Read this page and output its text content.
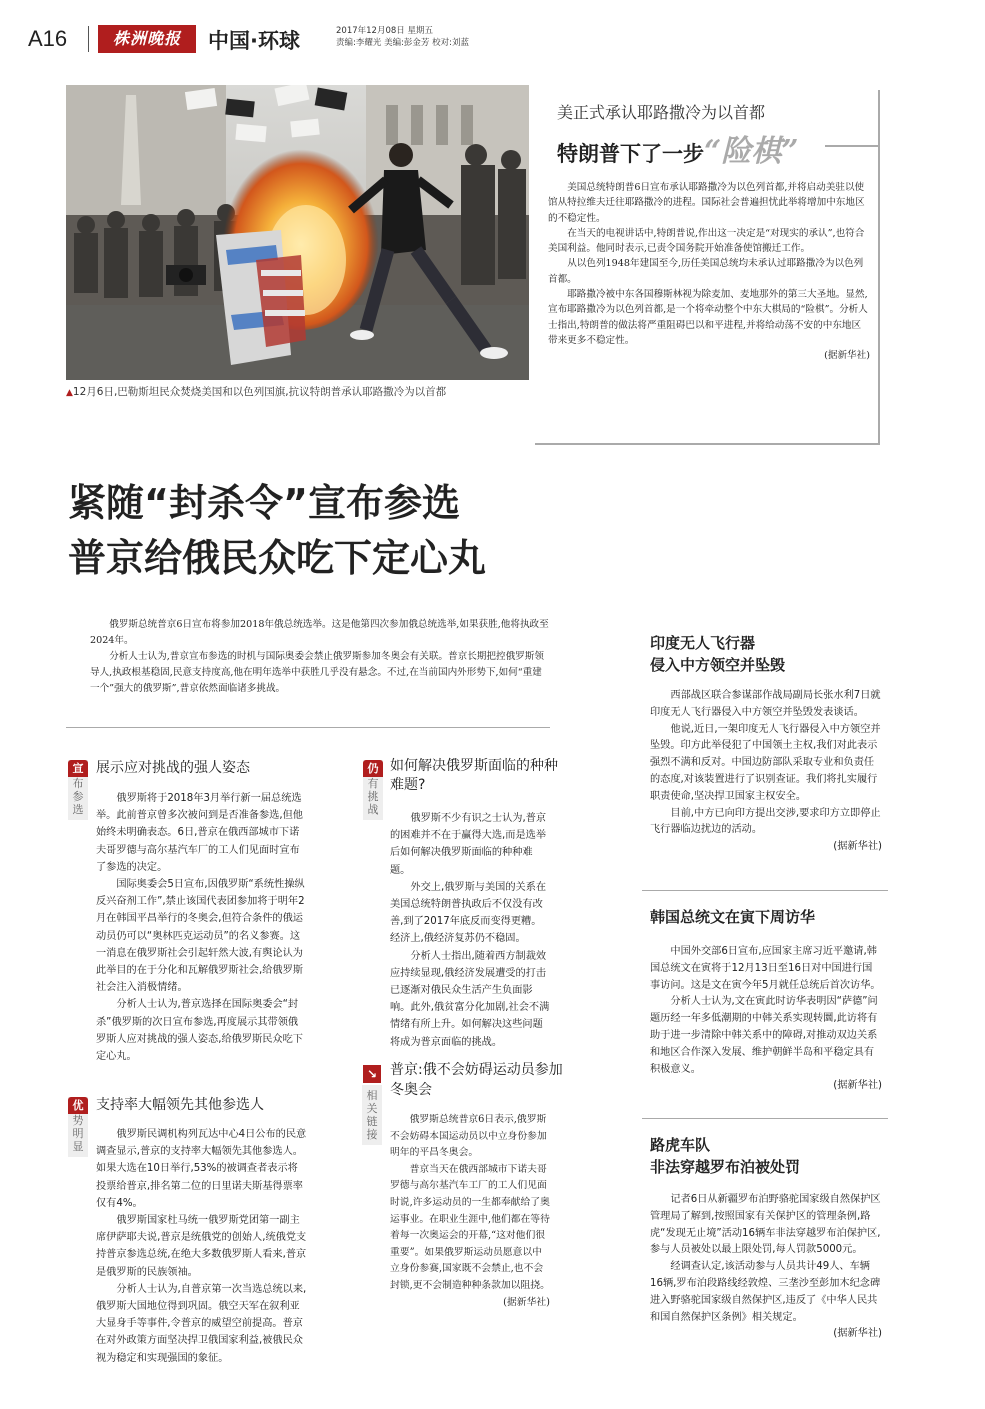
A16	株洲晚报	中国·环球	2017年12月08日 星期五
责编:李耀光 美编:彭金芳 校对:刘蓝
▲12月6日,巴勒斯坦民众焚烧美国和以色列国旗,抗议特朗普承认耶路撒冷为以首都
美正式承认耶路撒冷为以首都
特朗普下了一步“险棋”

美国总统特朗普6日宣布承认耶路撒冷为以色列首都,并将启动美驻以使馆从特拉维夫迁往耶路撒冷的进程。国际社会普遍担忧此举将增加中东地区的不稳定性。

在当天的电视讲话中,特朗普说,作出这一决定是“对现实的承认”,也符合美国利益。他同时表示,已责令国务院开始准备使馆搬迁工作。

从以色列1948年建国至今,历任美国总统均未承认过耶路撒冷为以色列首都。

耶路撒冷被中东各国穆斯林视为除麦加、麦地那外的第三大圣地。显然,宣布耶路撒冷为以色列首都,是一个将牵动整个中东大棋局的“险棋”。分析人士指出,特朗普的做法将严重阻碍巴以和平进程,并将给动荡不安的中东地区带来更多不稳定性。

(据新华社)
紧随“封杀令”宣布参选
普京给俄民众吃下定心丸

俄罗斯总统普京6日宣布将参加2018年俄总统选举。这是他第四次参加俄总统选举,如果获胜,他将执政至2024年。

分析人士认为,普京宣布参选的时机与国际奥委会禁止俄罗斯参加冬奥会有关联。普京长期把控俄罗斯领导人,执政根基稳固,民意支持度高,他在明年选举中获胜几乎没有悬念。不过,在当前国内外形势下,如何“重建一个”强大的俄罗斯”,普京依然面临诸多挑战。

宣
布参选
展示应对挑战的强人姿态

俄罗斯将于2018年3月举行新一届总统选举。此前普京曾多次被问到是否准备参选,但他始终未明确表态。6日,普京在俄西部城市下诺夫哥罗德与高尔基汽车厂的工人们见面时宣布了参选的决定。

国际奥委会5日宣布,因俄罗斯“系统性操纵反兴奋剂工作”,禁止该国代表团参加将于明年2月在韩国平昌举行的冬奥会,但符合条件的俄运动员仍可以“奥林匹克运动员”的名义参赛。这一消息在俄罗斯社会引起轩然大波,有舆论认为此举目的在于分化和瓦解俄罗斯社会,给俄罗斯社会注入消极情绪。

分析人士认为,普京选择在国际奥委会“封杀”俄罗斯的次日宣布参选,再度展示其带领俄罗斯人应对挑战的强人姿态,给俄罗斯民众吃下定心丸。

优
势明显
支持率大幅领先其他参选人

俄罗斯民调机构列瓦达中心4日公布的民意调查显示,普京的支持率大幅领先其他参选人。如果大选在10日举行,53%的被调查者表示将投票给普京,排名第二位的日里诺夫斯基得票率仅有4%。

俄罗斯国家杜马统一俄罗斯党团第一副主席伊萨耶夫说,普京是统俄党的创始人,统俄党支持普京参选总统,在绝大多数俄罗斯人看来,普京是俄罗斯的民族领袖。

分析人士认为,自普京第一次当选总统以来,俄罗斯大国地位得到巩固。俄空天军在叙利亚大显身手等事件,令普京的威望空前提高。普京在对外政策方面坚决捍卫俄国家利益,被俄民众视为稳定和实现强国的象征。

仍
有挑战
如何解决俄罗斯面临的种种难题?

俄罗斯不少有识之士认为,普京的困难并不在于赢得大选,而是选举后如何解决俄罗斯面临的种种难题。

外交上,俄罗斯与美国的关系在美国总统特朗普执政后不仅没有改善,到了2017年底反而变得更糟。经济上,俄经济复苏仍不稳固。

分析人士指出,随着西方制裁效应持续显现,俄经济发展遭受的打击已逐渐对俄民众生活产生负面影响。此外,俄贫富分化加剧,社会不满情绪有所上升。如何解决这些问题将成为普京面临的挑战。

↘
相关链接
普京:俄不会妨碍运动员参加冬奥会

俄罗斯总统普京6日表示,俄罗斯不会妨碍本国运动员以中立身份参加明年的平昌冬奥会。

普京当天在俄西部城市下诺夫哥罗德与高尔基汽车工厂的工人们见面时说,许多运动员的一生都奉献给了奥运事业。在职业生涯中,他们都在等待着每一次奥运会的开幕,“这对他们很重要”。如果俄罗斯运动员愿意以中立身份参赛,国家既不会禁止,也不会封锁,更不会制造种种条款加以阻挠。

(据新华社)
印度无人飞行器
侵入中方领空并坠毁

西部战区联合参谋部作战局副局长张水利7日就印度无人飞行器侵入中方领空并坠毁发表谈话。

他说,近日,一架印度无人飞行器侵入中方领空并坠毁。印方此举侵犯了中国领土主权,我们对此表示强烈不满和反对。中国边防部队采取专业和负责任的态度,对该装置进行了识别查证。我们将扎实履行职责使命,坚决捍卫国家主权安全。

目前,中方已向印方提出交涉,要求印方立即停止飞行器临边扰边的活动。

(据新华社)
韩国总统文在寅下周访华

中国外交部6日宣布,应国家主席习近平邀请,韩国总统文在寅将于12月13日至16日对中国进行国事访问。这是文在寅今年5月就任总统后首次访华。

分析人士认为,文在寅此时访华表明因“萨德”问题历经一年多低潮期的中韩关系实现转圜,此访将有助于进一步清除中韩关系中的障碍,对推动双边关系和地区合作深入发展、维护朝鲜半岛和平稳定具有积极意义。

(据新华社)
路虎车队
非法穿越罗布泊被处罚

记者6日从新疆罗布泊野骆驼国家级自然保护区管理局了解到,按照国家有关保护区的管理条例,路虎“发现无止境”活动16辆车非法穿越罗布泊保护区,参与人员被处以最上限处罚,每人罚款5000元。

经调查认定,该活动参与人员共计49人、车辆16辆,罗布泊段路线经敦煌、三垄沙至彭加木纪念碑进入野骆驼国家级自然保护区,违反了《中华人民共和国自然保护区条例》相关规定。

(据新华社)
